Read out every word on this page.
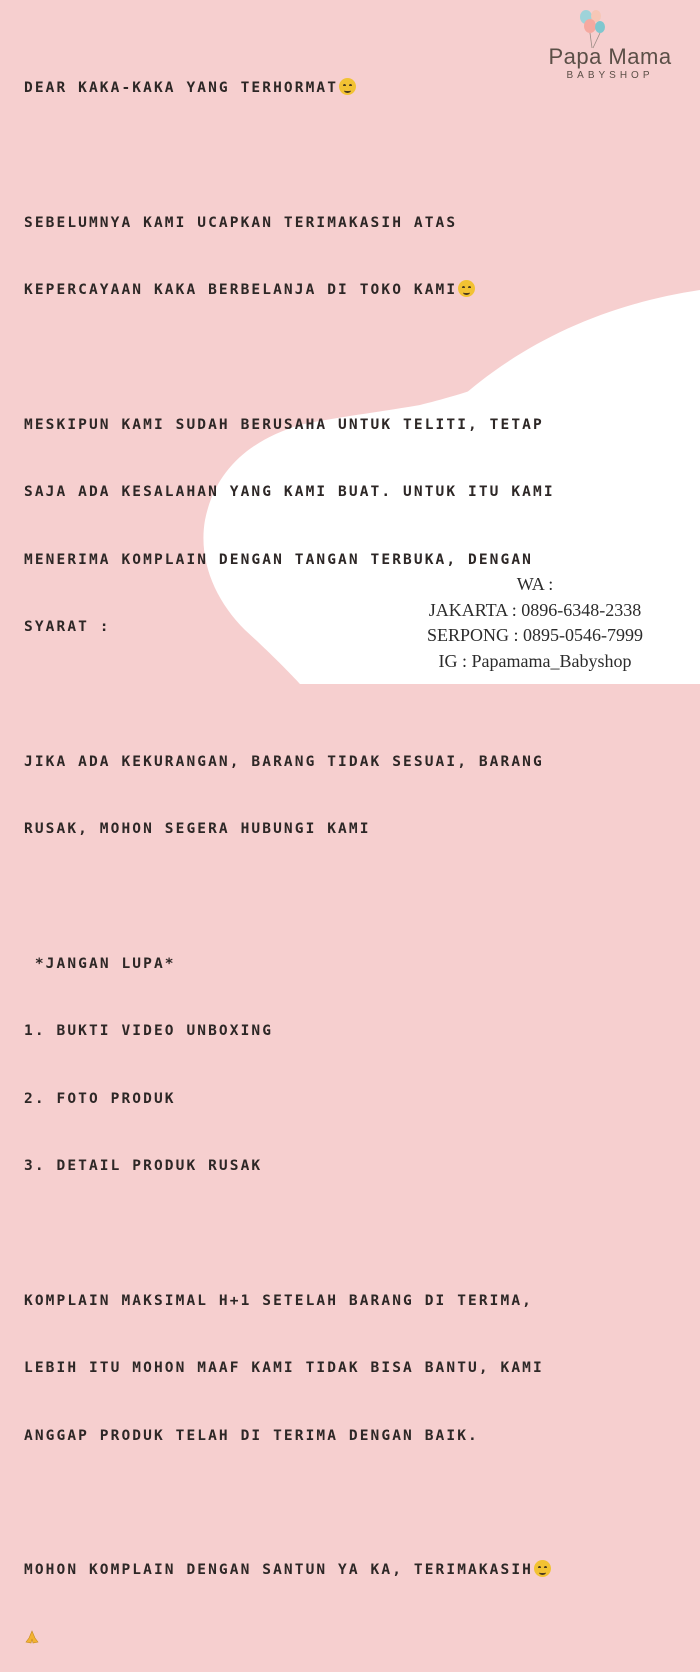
Papa Mama
BABYSHOP

DEAR KAKA-KAKA YANG TERHORMAT

SEBELUMNYA KAMI UCAPKAN TERIMAKASIH ATAS

KEPERCAYAAN KAKA BERBELANJA DI TOKO KAMI

MESKIPUN KAMI SUDAH BERUSAHA UNTUK TELITI, TETAP

SAJA ADA KESALAHAN YANG KAMI BUAT. UNTUK ITU KAMI

MENERIMA KOMPLAIN DENGAN TANGAN TERBUKA, DENGAN

SYARAT :

JIKA ADA KEKURANGAN, BARANG TIDAK SESUAI, BARANG

RUSAK, MOHON SEGERA HUBUNGI KAMI

*JANGAN LUPA*

1. BUKTI VIDEO UNBOXING

2. FOTO PRODUK

3. DETAIL PRODUK RUSAK

KOMPLAIN MAKSIMAL H+1 SETELAH BARANG DI TERIMA,

LEBIH ITU MOHON MAAF KAMI TIDAK BISA BANTU, KAMI

ANGGAP PRODUK TELAH DI TERIMA DENGAN BAIK.

MOHON KOMPLAIN DENGAN SANTUN YA KA, TERIMAKASIH

WA :
JAKARTA : 0896-6348-2338
SERPONG : 0895-0546-7999
IG : Papamama_Babyshop
